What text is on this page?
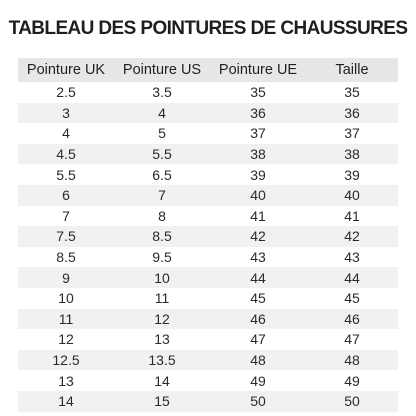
TABLEAU DES POINTURES DE CHAUSSURES
Pointure UK	Pointure US	Pointure UE	Taille
2.5	3.5	35	35
3	4	36	36
4	5	37	37
4.5	5.5	38	38
5.5	6.5	39	39
6	7	40	40
7	8	41	41
7.5	8.5	42	42
8.5	9.5	43	43
9	10	44	44
10	11	45	45
11	12	46	46
12	13	47	47
12.5	13.5	48	48
13	14	49	49
14	15	50	50
